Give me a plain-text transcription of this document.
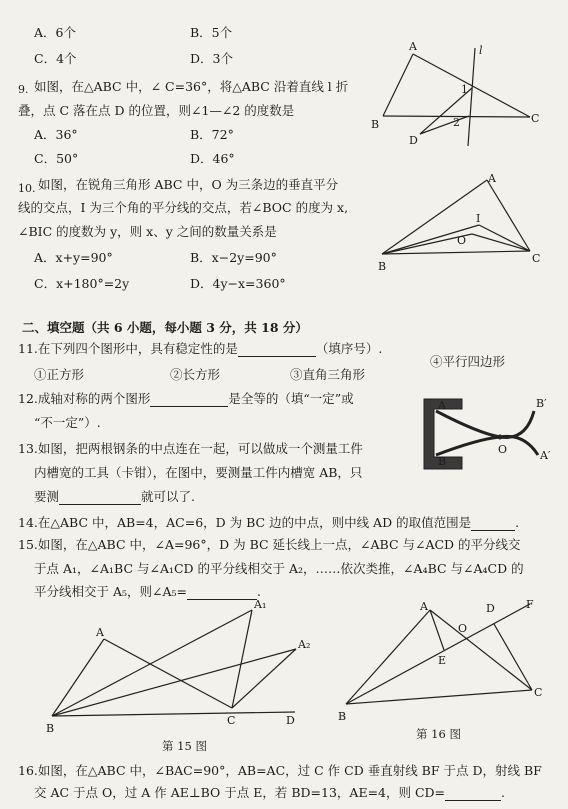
A．6个	B．5个
C．4个	D．3个
9. 如图，在△ABC 中，∠ C=36°，将△ABC 沿着直线 l 折
叠，点 C 落在点 D 的位置，则∠1—∠2 的度数是
A．36°	B．72°
C．50°	D．46°
A
B	C
D
l
1
2
10. 如图，在锐角三角形 ABC 中，O 为三条边的垂直平分
线的交点，I 为三个角的平分线的交点，若∠BOC 的度为 x,
∠BIC 的度数为 y，则 x、y 之间的数量关系是
A．x+y=90°	B．x−2y=90°
C．x+180°=2y	D．4y−x=360°
A
B
C
O
I
二、填空题（共 6 小题，每小题 3 分，共 18 分）
11.在下列四个图形中，具有稳定性的是	（填序号）.
①正方形	②长方形	③直角三角形
④平行四边形
12.成轴对称的两个图形	是全等的（填“一定”或
“不一定”）.
13.如图，把两根钢条的中点连在一起，可以做成一个测量工件
内槽宽的工具（卡钳），在图中，要测量工件内槽宽 AB，只
要测	就可以了.
A
B
B′
A′
O
14.在△ABC 中，AB=4，AC=6，D 为 BC 边的中点，则中线 AD 的取值范围是	.
15.如图，在△ABC 中，∠A=96°，D 为 BC 延长线上一点，∠ABC 与∠ACD 的平分线交
于点 A₁，∠A₁BC 与∠A₁CD 的平分线相交于 A₂，……依次类推，∠A₄BC 与∠A₄CD 的
平分线相交于 A₅，则∠A₅=	.
A
A₁
A₂
B
C	D
第 15 图
A
B
C
D
E
F
O
第 16 图
16.如图，在△ABC 中，∠BAC=90°，AB=AC，过 C 作 CD 垂直射线 BF 于点 D，射线 BF
交 AC 于点 O，过 A 作 AE⊥BO 于点 E，若 BD=13，AE=4，则 CD=	.
